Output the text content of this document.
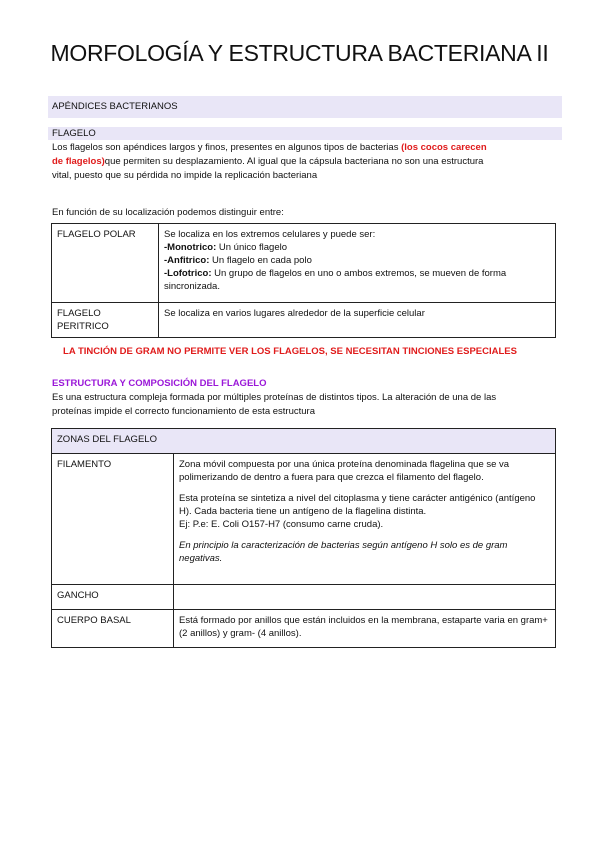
MORFOLOGÍA Y ESTRUCTURA BACTERIANA II
APÉNDICES BACTERIANOS
FLAGELO
Los flagelos son apéndices largos y finos, presentes en algunos tipos de bacterias (los cocos carecen de flagelos)que permiten su desplazamiento. Al igual que la cápsula bacteriana no son una estructura vital, puesto que su pérdida no impide la replicación bacteriana
En función de su localización podemos distinguir entre:
FLAGELO POLAR	Se localiza en los extremos celulares y puede ser:
-Monotrico: Un único flagelo
-Anfitrico: Un flagelo en cada polo
-Lofotrico: Un grupo de flagelos en uno o ambos extremos, se mueven de forma sincronizada.

FLAGELO PERITRICO	Se localiza en varios lugares alrededor de la superficie celular
LA TINCIÓN DE GRAM NO PERMITE VER LOS FLAGELOS, SE NECESITAN TINCIONES ESPECIALES
ESTRUCTURA Y COMPOSICIÓN DEL FLAGELO
Es una estructura compleja formada por múltiples proteínas de distintos tipos. La alteración de una de las proteínas impide el correcto funcionamiento de esta estructura
ZONAS DEL FLAGELO	
FILAMENTO	Zona móvil compuesta por una única proteína denominada flagelina que se va polimerizando de dentro a fuera para que crezca el filamento del flagelo.
Esta proteína se sintetiza a nivel del citoplasma y tiene carácter antigénico (antígeno H). Cada bacteria tiene un antígeno de la flagelina distinta.
Ej: P.e: E. Coli O157-H7 (consumo carne cruda).
En principio la caracterización de bacterias según antígeno H solo es de gram negativas.

GANCHO	
CUERPO BASAL	Está formado por anillos que están incluidos en la membrana, estaparte varia en gram+ (2 anillos) y gram- (4 anillos).
